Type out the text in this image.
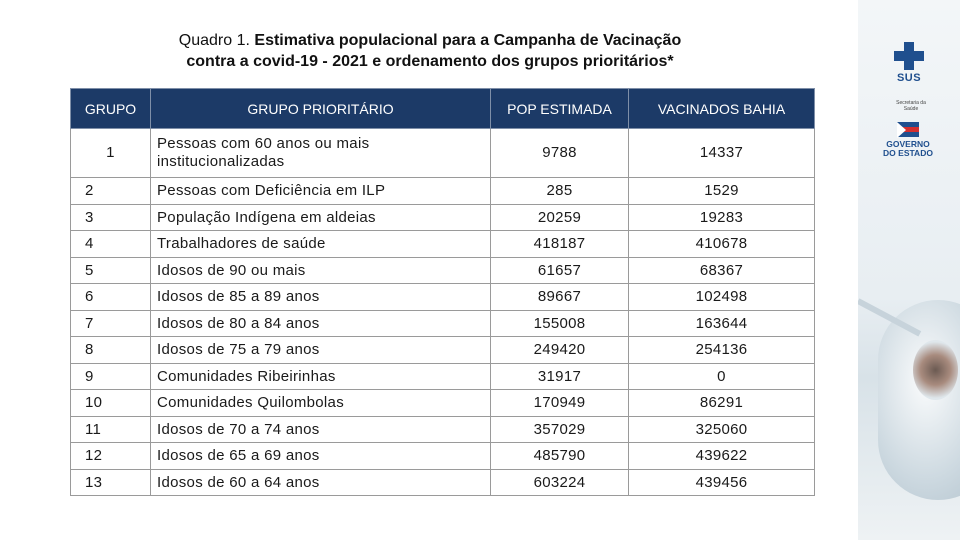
Quadro 1. Estimativa populacional para a Campanha de Vacinação
contra a covid-19 - 2021 e ordenamento dos grupos prioritários*
GRUPO	GRUPO PRIORITÁRIO	POP ESTIMADA	VACINADOS BAHIA
1	Pessoas com 60 anos ou mais institucionalizadas	9788	14337
2	Pessoas com Deficiência em ILP	285	1529
3	População Indígena em aldeias	20259	19283
4	Trabalhadores de saúde	418187	410678
5	Idosos de 90 ou mais	61657	68367
6	Idosos de 85 a 89 anos	89667	102498
7	Idosos de 80 a 84 anos	155008	163644
8	Idosos de 75 a 79 anos	249420	254136
9	Comunidades Ribeirinhas	31917	0
10	Comunidades Quilombolas	170949	86291
11	Idosos de 70 a 74 anos	357029	325060
12	Idosos de 65 a 69 anos	485790	439622
13	Idosos de 60 a 64 anos	603224	439456
SUS
Secretaria da Saúde
GOVERNO
DO ESTADO
